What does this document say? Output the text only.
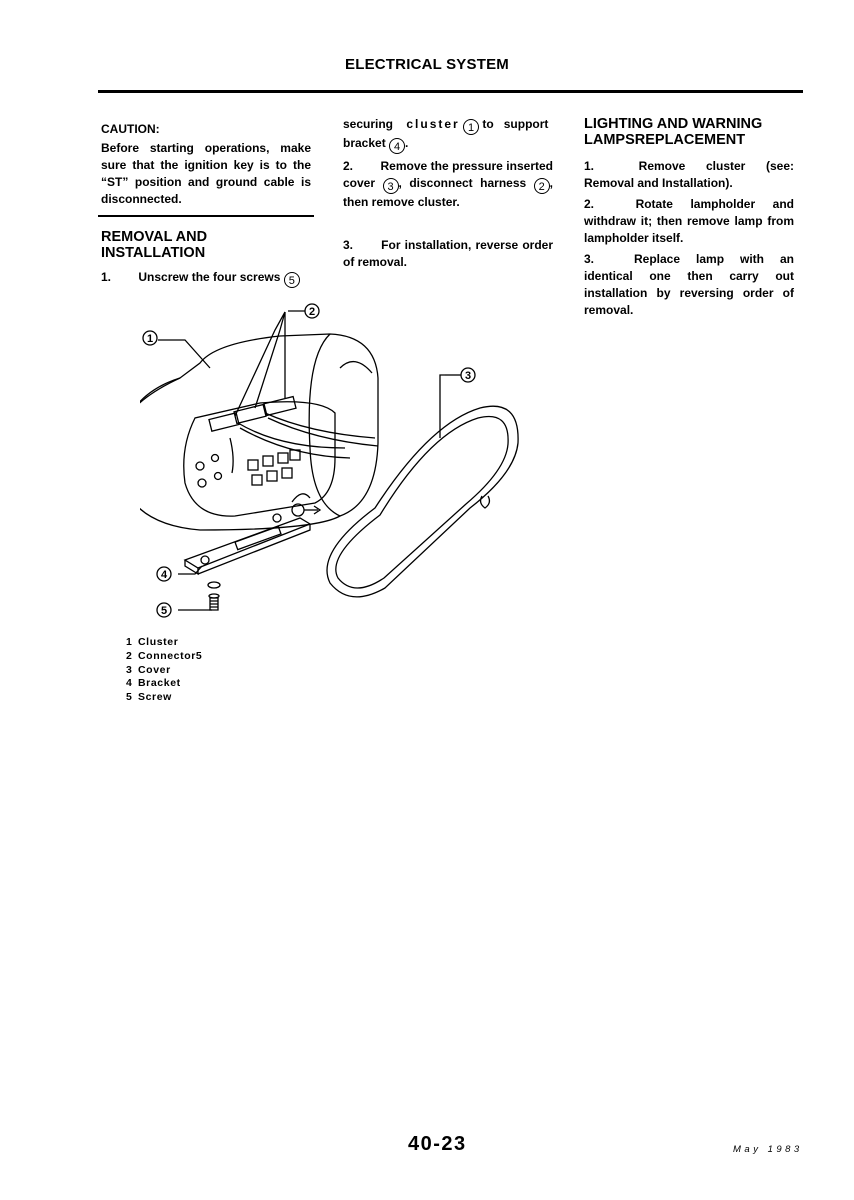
ELECTRICAL SYSTEM
CAUTION:
Before starting operations, make sure that the ignition key is to the “ST” position and ground cable is disconnected.
REMOVAL AND INSTALLATION
1. Unscrew the four screws 5
securing cluster 1 to support
bracket 4 .
2. Remove the pressure inserted cover 3 , disconnect harness 2 , then remove cluster.
3. For installation, reverse order of removal.
LIGHTING AND WARNING LAMPSREPLACEMENT
1.	Remove cluster (see: Removal and Installation).
2.	Rotate lampholder and withdraw it; then remove lamp from lampholder itself.
3.	Replace lamp with an identical one then carry out installation by reversing order of removal.
1
2
3
4
5
1 Cluster
2 Connector5
3 Cover
4 Bracket
5 Screw
40-23	May 1983
